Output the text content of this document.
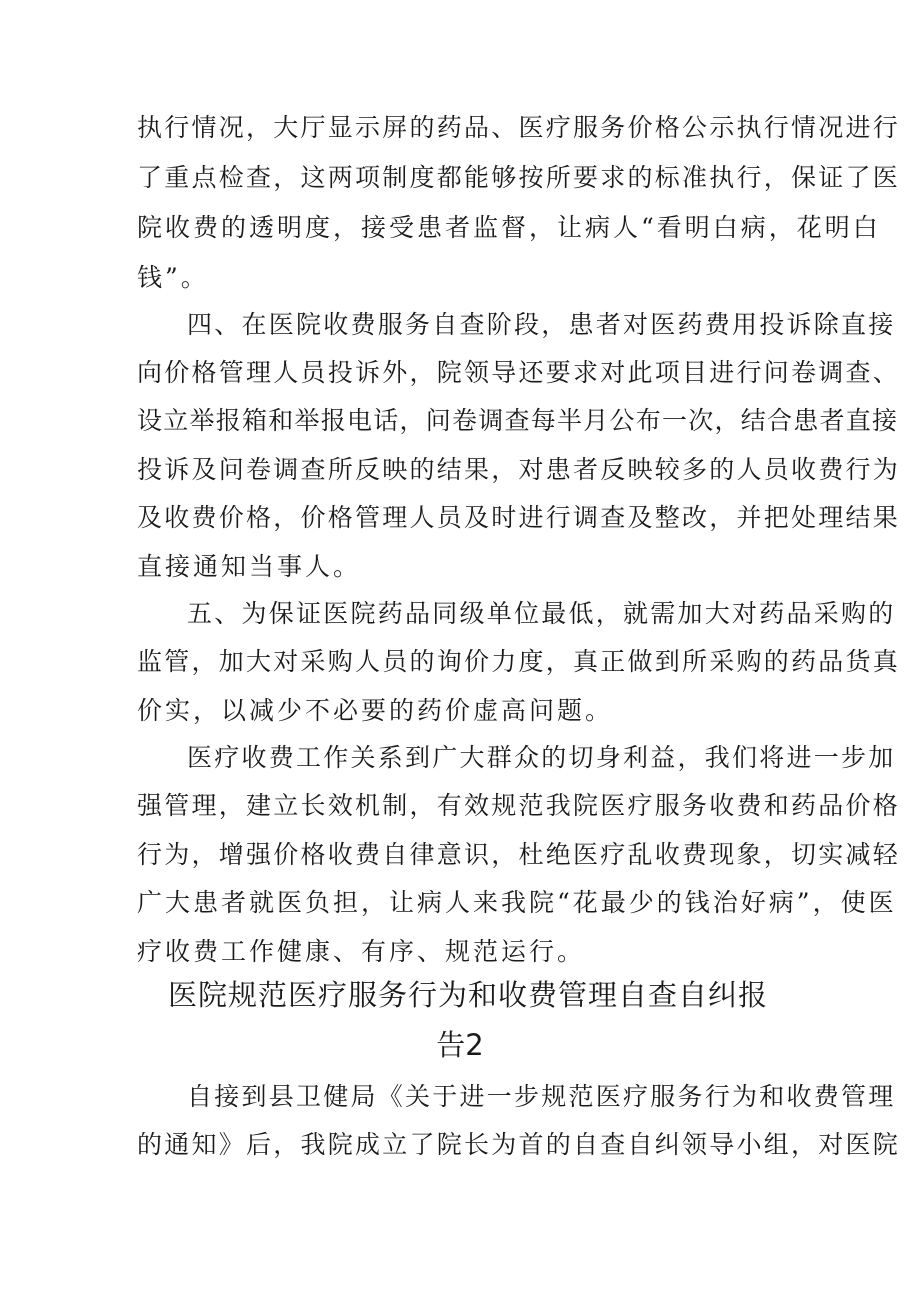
执行情况，大厅显示屏的药品、医疗服务价格公示执行情况进行
了重点检查，这两项制度都能够按所要求的标准执行，保证了医
院收费的透明度，接受患者监督，让病人“看明白病，花明白
钱”。
四、在医院收费服务自查阶段，患者对医药费用投诉除直接
向价格管理人员投诉外，院领导还要求对此项目进行问卷调查、
设立举报箱和举报电话，问卷调查每半月公布一次，结合患者直接
投诉及问卷调查所反映的结果，对患者反映较多的人员收费行为
及收费价格，价格管理人员及时进行调查及整改，并把处理结果
直接通知当事人。
五、为保证医院药品同级单位最低，就需加大对药品采购的
监管，加大对采购人员的询价力度，真正做到所采购的药品货真
价实，以减少不必要的药价虚高问题。
医疗收费工作关系到广大群众的切身利益，我们将进一步加
强管理，建立长效机制，有效规范我院医疗服务收费和药品价格
行为，增强价格收费自律意识，杜绝医疗乱收费现象，切实减轻
广大患者就医负担，让病人来我院“花最少的钱治好病”，使医
疗收费工作健康、有序、规范运行。
医院规范医疗服务行为和收费管理自查自纠报
告2
自接到县卫健局《关于进一步规范医疗服务行为和收费管理
的通知》后，我院成立了院长为首的自查自纠领导小组，对医院
